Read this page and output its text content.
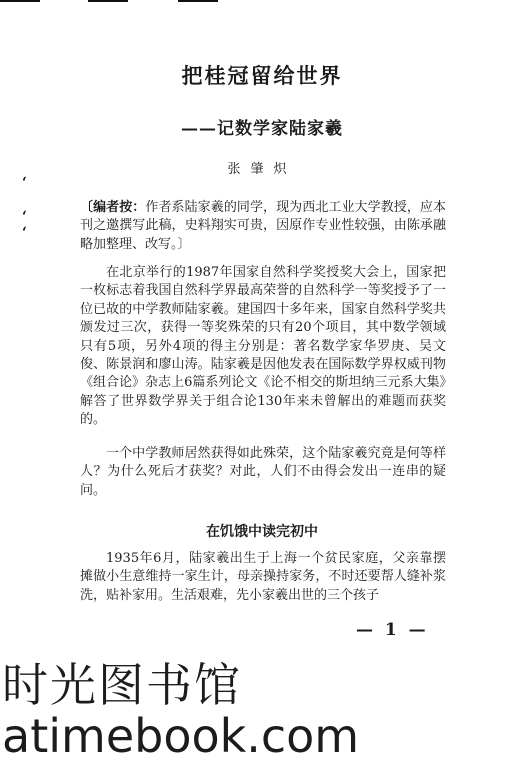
ʻ
ʻ
ʻ
把桂冠留给世界
——记数学家陆家羲

张肇炽

〔编者按：作者系陆家羲的同学，现为西北工业大学教授，应本刊之邀撰写此稿，史料翔实可贵，因原作专业性较强，由陈承融略加整理、改写。〕

在北京举行的1987年国家自然科学奖授奖大会上，国家把一枚标志着我国自然科学界最高荣誉的自然科学一等奖授予了一位已故的中学教师陆家羲。建国四十多年来，国家自然科学奖共颁发过三次，获得一等奖殊荣的只有20个项目，其中数学领域只有5项，另外4项的得主分别是：著名数学家华罗庚、吴文俊、陈景润和廖山涛。陆家羲是因他发表在国际数学界权威刊物《组合论》杂志上6篇系列论文《论不相交的斯坦纳三元系大集》解答了世界数学界关于组合论130年来未曾解出的难题而获奖的。

一个中学教师居然获得如此殊荣，这个陆家羲究竟是何等样人？为什么死后才获奖？对此，人们不由得会发出一连串的疑问。

在饥饿中读完初中

1935年6月，陆家羲出生于上海一个贫民家庭，父亲靠摆摊做小生意维持一家生计，母亲操持家务，不时还要帮人缝补浆洗，贴补家用。生活艰难，先小家羲出世的三个孩子

— 1 —

时光图书馆

atimebook.com
